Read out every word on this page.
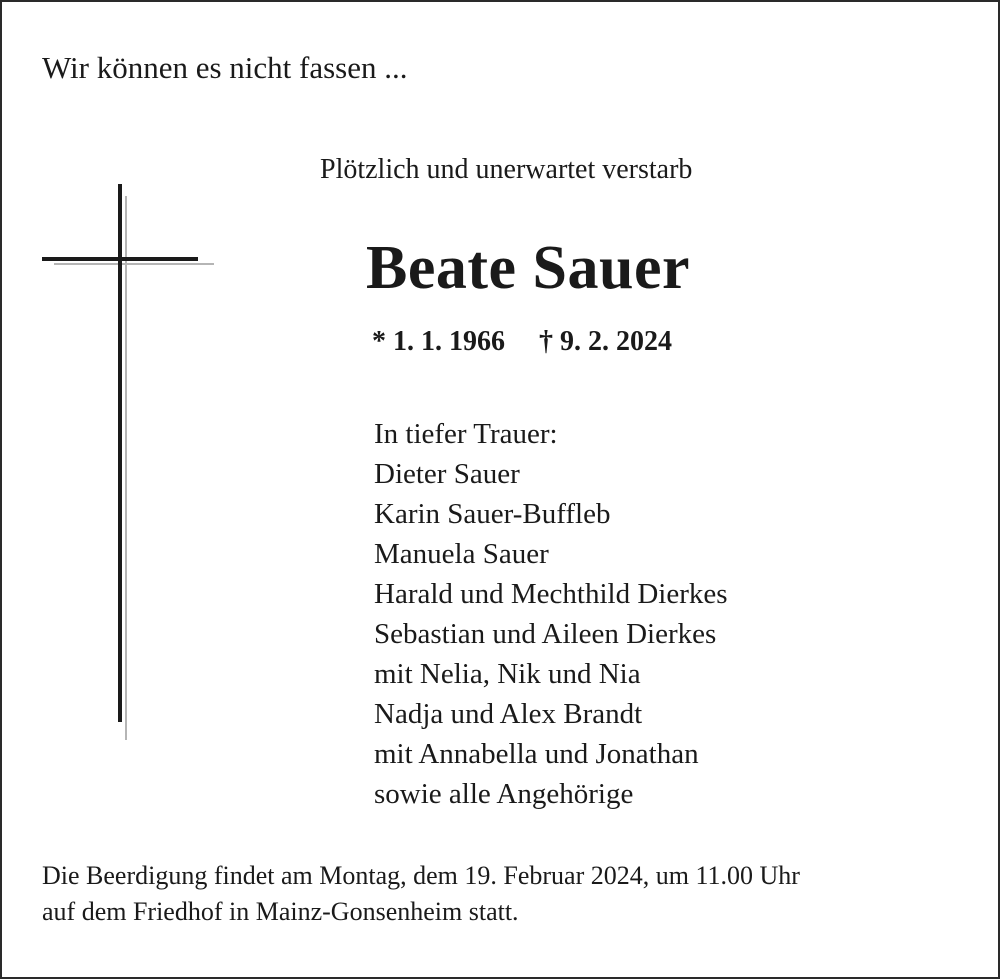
Wir können es nicht fassen ...
Plötzlich und unerwartet verstarb
Beate Sauer
* 1. 1. 1966 † 9. 2. 2024
In tiefer Trauer:
Dieter Sauer
Karin Sauer-Buffleb
Manuela Sauer
Harald und Mechthild Dierkes
Sebastian und Aileen Dierkes
mit Nelia, Nik und Nia
Nadja und Alex Brandt
mit Annabella und Jonathan
sowie alle Angehörige
Die Beerdigung findet am Montag, dem 19. Februar 2024, um 11.00 Uhr
auf dem Friedhof in Mainz-Gonsenheim statt.
